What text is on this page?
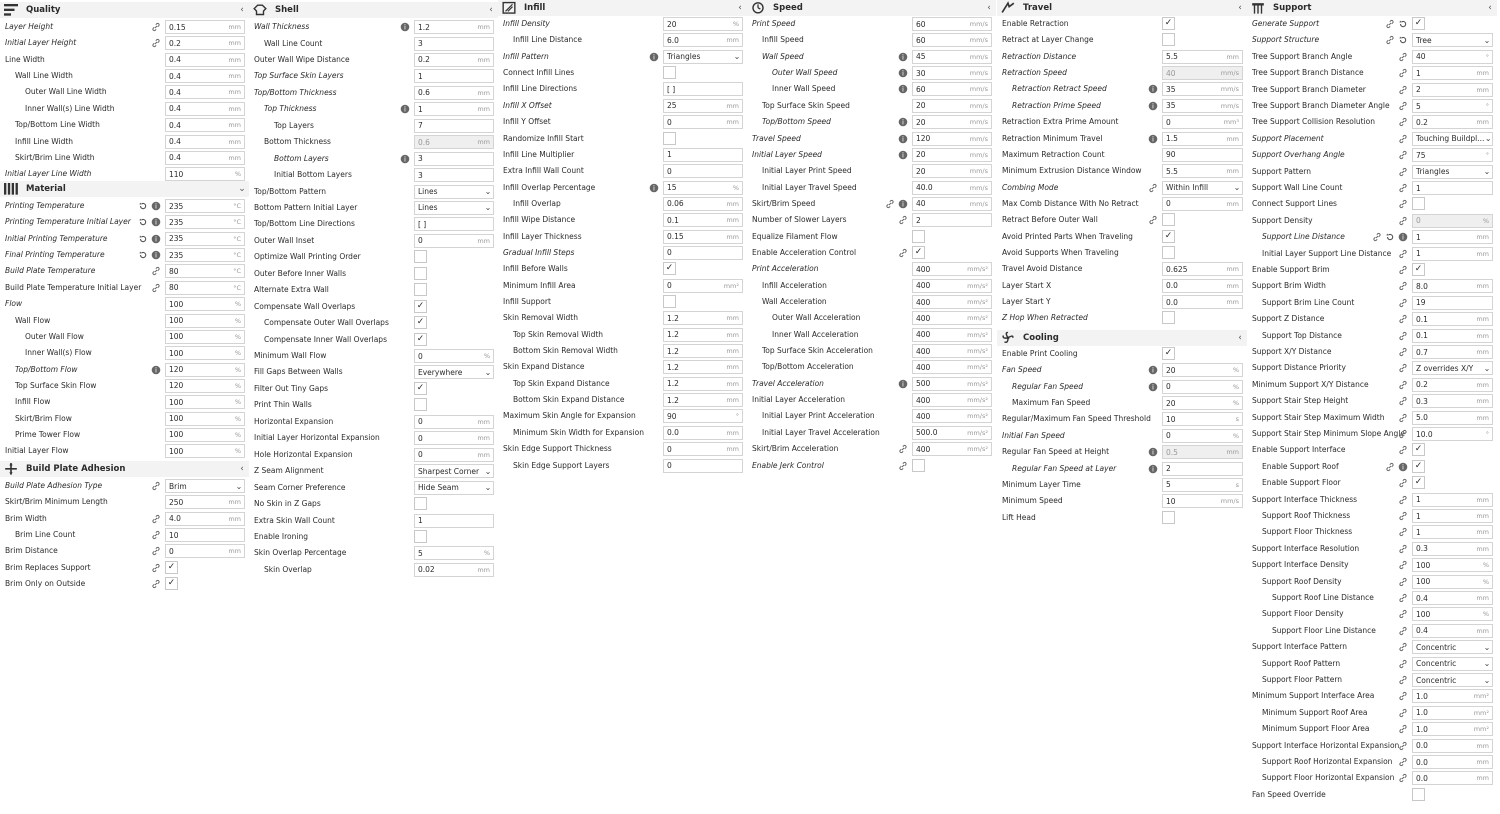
Quality	‹
Layer Height	0.15	mm
Initial Layer Height	0.2	mm
Line Width	0.4	mm
Wall Line Width	0.4	mm
Outer Wall Line Width	0.4	mm
Inner Wall(s) Line Width	0.4	mm
Top/Bottom Line Width	0.4	mm
Infill Line Width	0.4	mm
Skirt/Brim Line Width	0.4	mm
Initial Layer Line Width	110	%
Material	⌄
Printing Temperature	i	235	°C
Printing Temperature Initial Layer	i	235	°C
Initial Printing Temperature	i	235	°C
Final Printing Temperature	i	235	°C
Build Plate Temperature	80	°C
Build Plate Temperature Initial Layer	80	°C
Flow	100	%
Wall Flow	100	%
Outer Wall Flow	100	%
Inner Wall(s) Flow	100	%
Top/Bottom Flow	i	120	%
Top Surface Skin Flow	120	%
Infill Flow	100	%
Skirt/Brim Flow	100	%
Prime Tower Flow	100	%
Initial Layer Flow	100	%
Build Plate Adhesion	‹
Build Plate Adhesion Type	Brim	⌄
Skirt/Brim Minimum Length	250	mm
Brim Width	4.0	mm
Brim Line Count	10
Brim Distance	0	mm
Brim Replaces Support	✓
Brim Only on Outside	✓
Shell	‹
Wall Thickness	i	1.2	mm
Wall Line Count	3
Outer Wall Wipe Distance	0.2	mm
Top Surface Skin Layers	1
Top/Bottom Thickness	0.6	mm
Top Thickness	i	1	mm
Top Layers	7
Bottom Thickness	0.6	mm
Bottom Layers	i	3
Initial Bottom Layers	3
Top/Bottom Pattern	Lines	⌄
Bottom Pattern Initial Layer	Lines	⌄
Top/Bottom Line Directions	[ ]
Outer Wall Inset	0	mm
Optimize Wall Printing Order
Outer Before Inner Walls
Alternate Extra Wall
Compensate Wall Overlaps	✓
Compensate Outer Wall Overlaps	✓
Compensate Inner Wall Overlaps	✓
Minimum Wall Flow	0	%
Fill Gaps Between Walls	Everywhere	⌄
Filter Out Tiny Gaps	✓
Print Thin Walls
Horizontal Expansion	0	mm
Initial Layer Horizontal Expansion	0	mm
Hole Horizontal Expansion	0	mm
Z Seam Alignment	Sharpest Corner ⌄
Seam Corner Preference	Hide Seam	⌄
No Skin in Z Gaps
Extra Skin Wall Count	1
Enable Ironing
Skin Overlap Percentage	5	%
Skin Overlap	0.02	mm
Infill	‹
Infill Density	20	%
Infill Line Distance	6.0	mm
Infill Pattern	i	Triangles	⌄
Connect Infill Lines
Infill Line Directions	[ ]
Infill X Offset	25	mm
Infill Y Offset	0	mm
Randomize Infill Start
Infill Line Multiplier	1
Extra Infill Wall Count	0
Infill Overlap Percentage	i	15	%
Infill Overlap	0.06	mm
Infill Wipe Distance	0.1	mm
Infill Layer Thickness	0.15	mm
Gradual Infill Steps	0
Infill Before Walls	✓
Minimum Infill Area	0	mm²
Infill Support
Skin Removal Width	1.2	mm
Top Skin Removal Width	1.2	mm
Bottom Skin Removal Width	1.2	mm
Skin Expand Distance	1.2	mm
Top Skin Expand Distance	1.2	mm
Bottom Skin Expand Distance	1.2	mm
Maximum Skin Angle for Expansion	90	°
Minimum Skin Width for Expansion	0.0	mm
Skin Edge Support Thickness	0	mm
Skin Edge Support Layers	0
Speed	‹
Print Speed	60	mm/s
Infill Speed	60	mm/s
Wall Speed	i	45	mm/s
Outer Wall Speed	i	30	mm/s
Inner Wall Speed	i	60	mm/s
Top Surface Skin Speed	20	mm/s
Top/Bottom Speed	i	20	mm/s
Travel Speed	i	120	mm/s
Initial Layer Speed	i	20	mm/s
Initial Layer Print Speed	20	mm/s
Initial Layer Travel Speed	40.0	mm/s
Skirt/Brim Speed	i	40	mm/s
Number of Slower Layers	2
Equalize Filament Flow
Enable Acceleration Control	✓
Print Acceleration	400	mm/s²
Infill Acceleration	400	mm/s²
Wall Acceleration	400	mm/s²
Outer Wall Acceleration	400	mm/s²
Inner Wall Acceleration	400	mm/s²
Top Surface Skin Acceleration	400	mm/s²
Top/Bottom Acceleration	400	mm/s²
Travel Acceleration	i	500	mm/s²
Initial Layer Acceleration	400	mm/s²
Initial Layer Print Acceleration	400	mm/s²
Initial Layer Travel Acceleration	500.0	mm/s²
Skirt/Brim Acceleration	400	mm/s²
Enable Jerk Control
Travel	‹
Enable Retraction	✓
Retract at Layer Change
Retraction Distance	5.5	mm
Retraction Speed	40	mm/s
Retraction Retract Speed	i	35	mm/s
Retraction Prime Speed	i	35	mm/s
Retraction Extra Prime Amount	0	mm³
Retraction Minimum Travel	i	1.5	mm
Maximum Retraction Count	90
Minimum Extrusion Distance Window	5.5	mm
Combing Mode	Within Infill	⌄
Max Comb Distance With No Retract	0	mm
Retract Before Outer Wall
Avoid Printed Parts When Traveling	✓
Avoid Supports When Traveling
Travel Avoid Distance	0.625	mm
Layer Start X	0.0	mm
Layer Start Y	0.0	mm
Z Hop When Retracted
Cooling	‹
Enable Print Cooling	✓
Fan Speed	i	20	%
Regular Fan Speed	i	0	%
Maximum Fan Speed	20	%
Regular/Maximum Fan Speed Threshold	10	s
Initial Fan Speed	0	%
Regular Fan Speed at Height	i	0.5	mm
Regular Fan Speed at Layer	i	2
Minimum Layer Time	5	s
Minimum Speed	10	mm/s
Lift Head
Support	‹
Generate Support	✓
Support Structure	Tree	⌄
Tree Support Branch Angle	40	°
Tree Support Branch Distance	1	mm
Tree Support Branch Diameter	2	mm
Tree Support Branch Diameter Angle	5	°
Tree Support Collision Resolution	0.2	mm
Support Placement	Touching Buildpl... ⌄
Support Overhang Angle	75	°
Support Pattern	Triangles	⌄
Support Wall Line Count	1
Connect Support Lines
Support Density	0	%
Support Line Distance	i	1	mm
Initial Layer Support Line Distance	1	mm
Enable Support Brim	✓
Support Brim Width	8.0	mm
Support Brim Line Count	19
Support Z Distance	0.1	mm
Support Top Distance	0.1	mm
Support X/Y Distance	0.7	mm
Support Distance Priority	Z overrides X/Y	⌄
Minimum Support X/Y Distance	0.2	mm
Support Stair Step Height	0.3	mm
Support Stair Step Maximum Width	5.0	mm
Support Stair Step Minimum Slope Angle	10.0	°
Enable Support Interface	✓
Enable Support Roof	i	✓
Enable Support Floor	✓
Support Interface Thickness	1	mm
Support Roof Thickness	1	mm
Support Floor Thickness	1	mm
Support Interface Resolution	0.3	mm
Support Interface Density	100	%
Support Roof Density	100	%
Support Roof Line Distance	0.4	mm
Support Floor Density	100	%
Support Floor Line Distance	0.4	mm
Support Interface Pattern	Concentric	⌄
Support Roof Pattern	Concentric	⌄
Support Floor Pattern	Concentric	⌄
Minimum Support Interface Area	1.0	mm²
Minimum Support Roof Area	1.0	mm²
Minimum Support Floor Area	1.0	mm²
Support Interface Horizontal Expansion	0.0	mm
Support Roof Horizontal Expansion	0.0	mm
Support Floor Horizontal Expansion	0.0	mm
Fan Speed Override
